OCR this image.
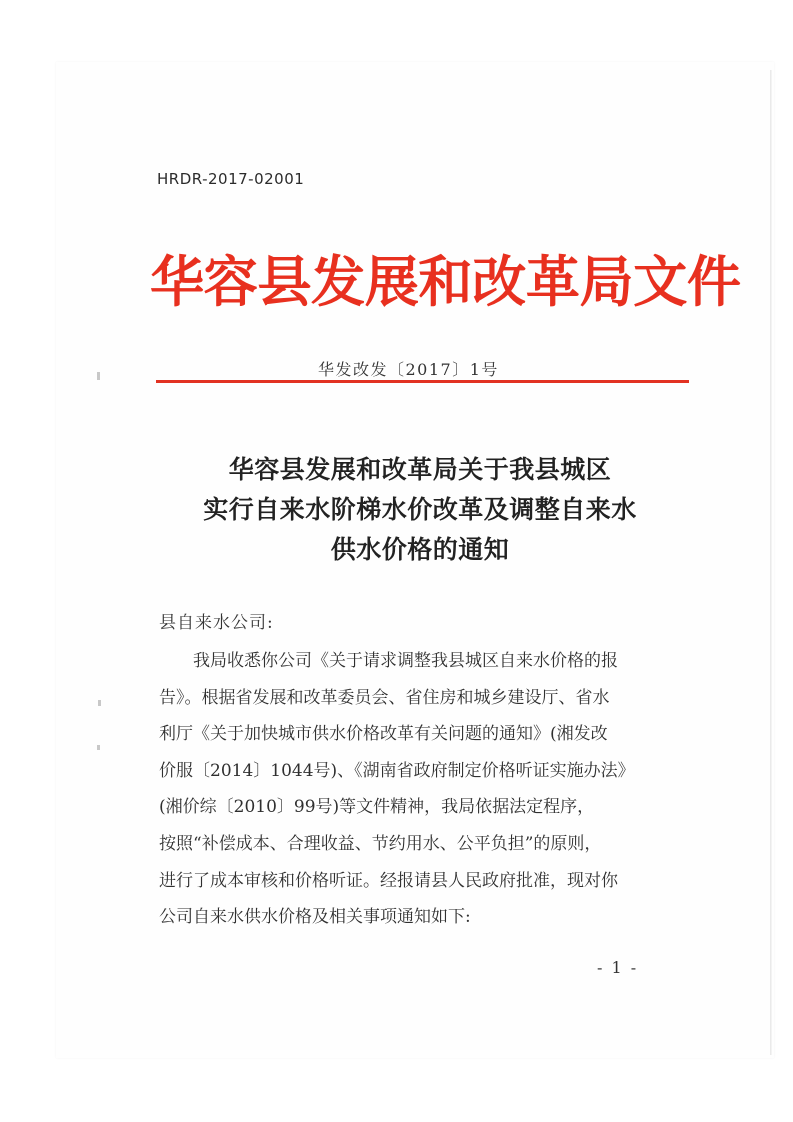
HRDR-2017-02001
华容县发展和改革局文件
华发改发〔2017〕1号
华容县发展和改革局关于我县城区
实行自来水阶梯水价改革及调整自来水
供水价格的通知
县自来水公司:
　　我局收悉你公司《关于请求调整我县城区自来水价格的报
告》。根据省发展和改革委员会、省住房和城乡建设厅、省水
利厅《关于加快城市供水价格改革有关问题的通知》(湘发改
价服〔2014〕1044号)、《湖南省政府制定价格听证实施办法》
(湘价综〔2010〕99号)等文件精神，我局依据法定程序，
按照“补偿成本、合理收益、节约用水、公平负担”的原则，
进行了成本审核和价格听证。经报请县人民政府批准，现对你
公司自来水供水价格及相关事项通知如下:
- 1 -
